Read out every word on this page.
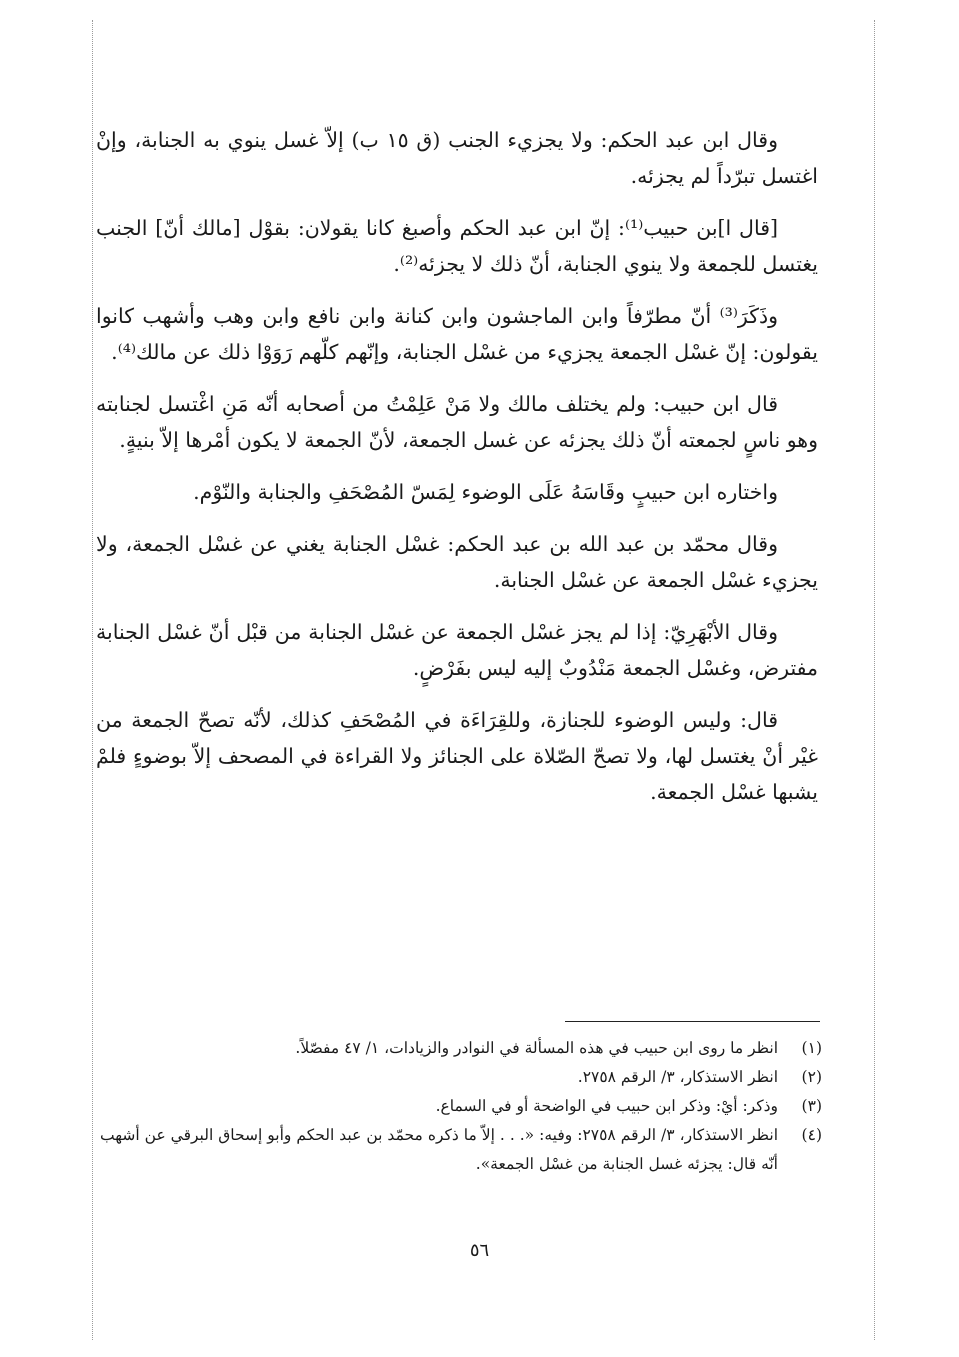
وقال ابن عبد الحكم: ولا يجزيء الجنب (ق ١٥ ب) إلاّ غسل ينوي به الجنابة، وإنْ اغتسل تبرّداً لم يجزئه.

[قال ا]بن حبيب⁽¹⁾: إنّ ابن عبد الحكم وأصبغ كانا يقولان: بقوْل [مالك أنّ] الجنب يغتسل للجمعة ولا ينوي الجنابة، أنّ ذلك لا يجزئه⁽²⁾.

وذَكَرَ⁽³⁾ أنّ مطرّفاً وابن الماجشون وابن كنانة وابن نافع وابن وهب وأشهب كانوا يقولون: إنّ غسْل الجمعة يجزيء من غسْل الجنابة، وإنّهم كلّهم رَوَوْا ذلك عن مالك⁽⁴⁾.

قال ابن حبيب: ولم يختلف مالك ولا مَنْ عَلِمْتُ من أصحابه أنّه مَنِ اغْتسل لجنابته وهو ناسٍ لجمعته أنّ ذلك يجزئه عن غسل الجمعة، لأنّ الجمعة لا يكون أمْرها إلاّ بنيةٍ.

واختاره ابن حبيبٍ وقَاسَهُ عَلَى الوضوء لِمَسّ المُصْحَفِ والجنابة والنّوْم.

وقال محمّد بن عبد الله بن عبد الحكم: غسْل الجنابة يغني عن غسْل الجمعة، ولا يجزيء غسْل الجمعة عن غسْل الجنابة.

وقال الأبْهَرِيّ: إذا لم يجز غسْل الجمعة عن غسْل الجنابة من قبْل أنّ غسْل الجنابة مفترض، وغسْل الجمعة مَنْدُوبٌ إليه ليس بفَرْضٍ.

قال: وليس الوضوء للجنازة، وللقِرَاءَة في المُصْحَفِ كذلك، لأنّه تصحّ الجمعة من غيْر أنْ يغتسل لها، ولا تصحّ الصّلاة على الجنائز ولا القراءة في المصحف إلاّ بوضوءٍ فلمْ يشبها غسْل الجمعة.

(١)
انظر ما روى ابن حبيب في هذه المسألة في النوادر والزيادات، ١/ ٤٧ مفصّلاً.
(٢)
انظر الاستذكار، ٣/ الرقم ٢٧٥٨.
(٣)
وذكر: أيْ: وذكر ابن حبيب في الواضحة أو في السماع.
(٤)
انظر الاستذكار، ٣/ الرقم ٢٧٥٨: وفيه: «. . . إلاّ ما ذكره محمّد بن عبد الحكم وأبو إسحاق البرقي عن أشهب أنّه قال: يجزئه غسل الجنابة من غسْل الجمعة».
٥٦
